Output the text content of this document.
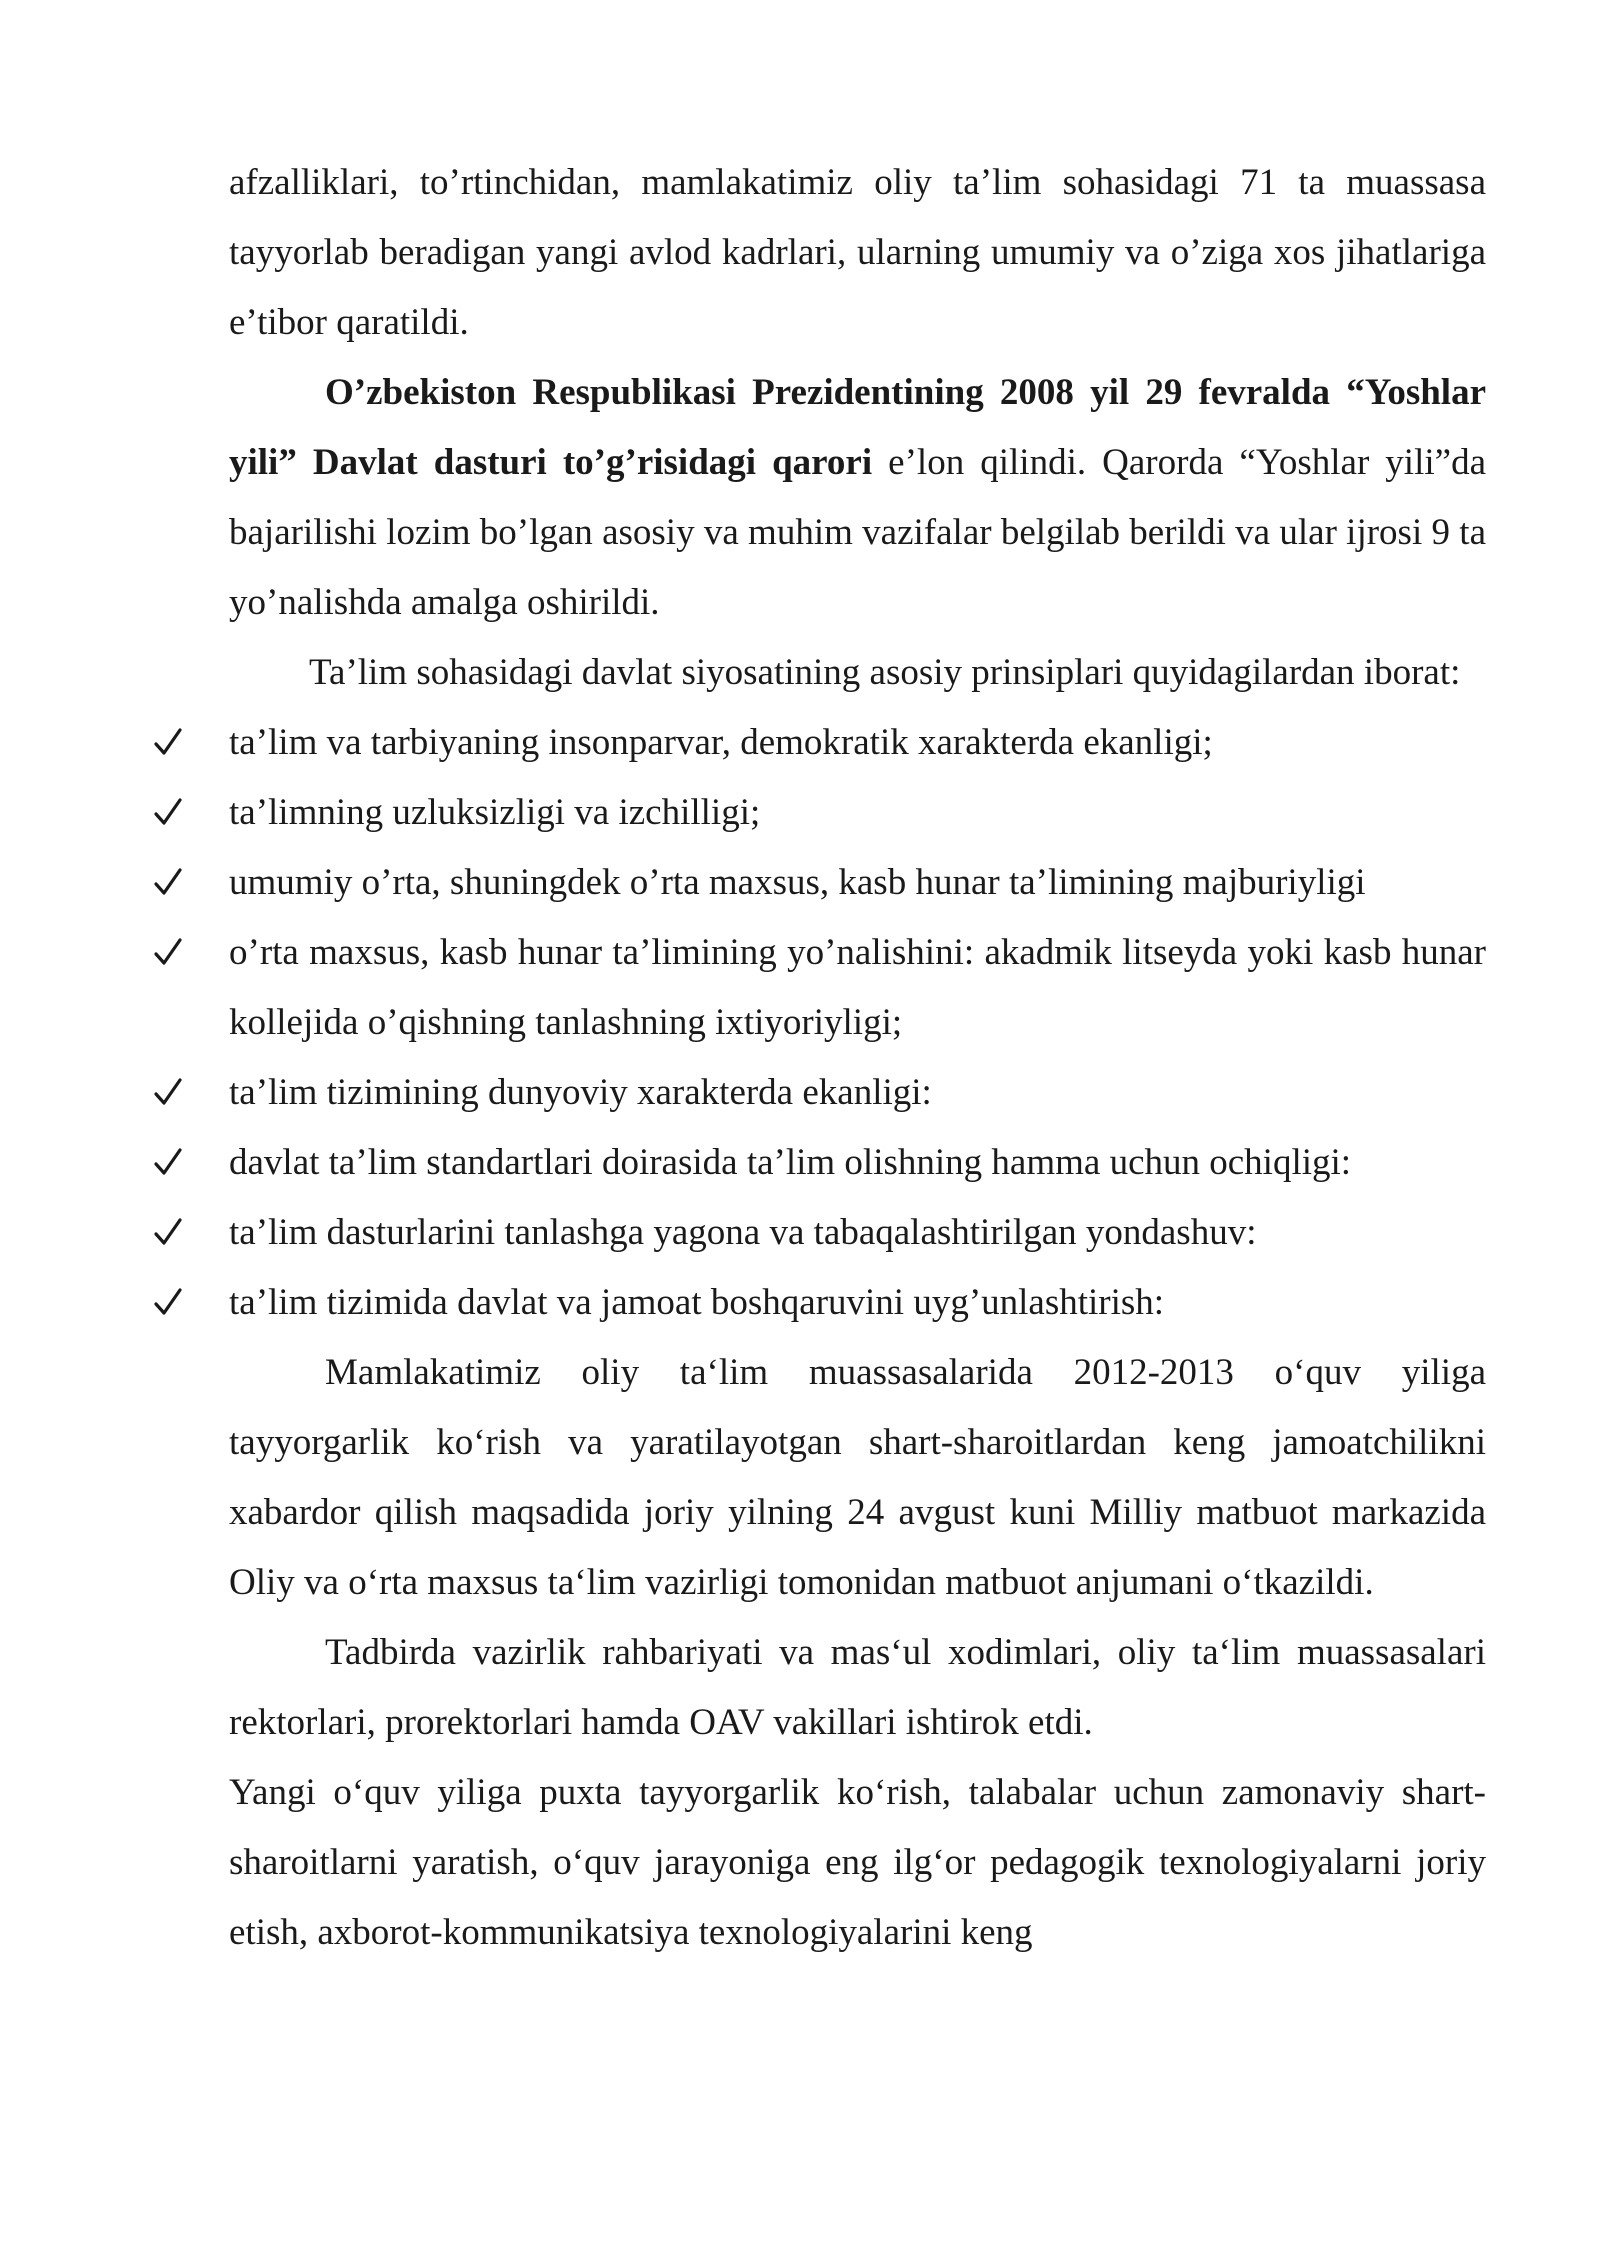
afzalliklari, to’rtinchidan, mamlakatimiz oliy ta’lim sohasidagi 71 ta muassasa tayyorlab beradigan yangi avlod kadrlari, ularning umumiy va o’ziga xos jihatlariga e’tibor qaratildi.

O’zbekiston Respublikasi Prezidentining 2008 yil 29 fevralda “Yoshlar yili” Davlat dasturi to’g’risidagi qarori e’lon qilindi. Qarorda “Yoshlar yili”da bajarilishi lozim bo’lgan asosiy va muhim vazifalar belgilab berildi va ular ijrosi 9 ta yo’nalishda amalga oshirildi.

Ta’lim sohasidagi davlat siyosatining asosiy prinsiplari quyidagilardan iborat:

ta’lim va tarbiyaning insonparvar, demokratik xarakterda ekanligi;
ta’limning uzluksizligi va izchilligi;
umumiy o’rta, shuningdek o’rta maxsus, kasb hunar ta’limining majburiyligi
o’rta maxsus, kasb hunar ta’limining yo’nalishini: akadmik litseyda yoki kasb hunar kollejida o’qishning tanlashning ixtiyoriyligi;
ta’lim tizimining dunyoviy xarakterda ekanligi:
davlat ta’lim standartlari doirasida ta’lim olishning hamma uchun ochiqligi:
ta’lim dasturlarini tanlashga yagona va tabaqalashtirilgan yondashuv:
ta’lim tizimida davlat va jamoat boshqaruvini uyg’unlashtirish:

Mamlakatimiz oliy ta‘lim muassasalarida 2012-2013 o‘quv yiliga tayyorgarlik ko‘rish va yaratilayotgan shart-sharoitlardan keng jamoatchilikni xabardor qilish maqsadida joriy yilning 24 avgust kuni Milliy matbuot markazida Oliy va o‘rta maxsus ta‘lim vazirligi tomonidan matbuot anjumani o‘tkazildi.

Tadbirda vazirlik rahbariyati va mas‘ul xodimlari, oliy ta‘lim muassasalari rektorlari, prorektorlari hamda OAV vakillari ishtirok etdi.

Yangi o‘quv yiliga puxta tayyorgarlik ko‘rish, talabalar uchun zamonaviy shart-sharoitlarni yaratish, o‘quv jarayoniga eng ilg‘or pedagogik texnologiyalarni joriy etish, axborot-kommunikatsiya texnologiyalarini keng
